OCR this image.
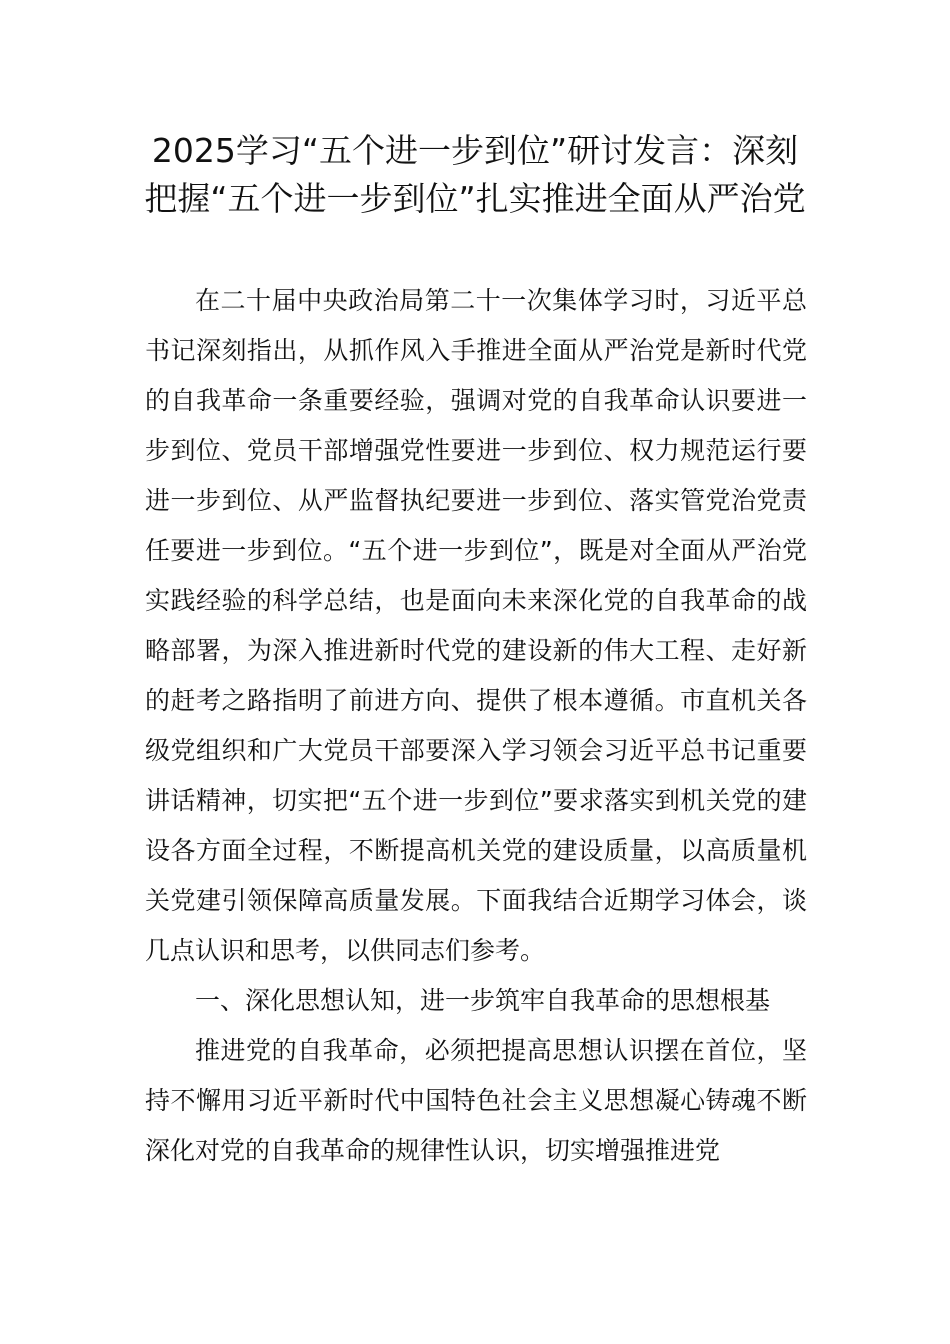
2025学习“五个进一步到位”研讨发言：深刻把握“五个进一步到位”扎实推进全面从严治党

在二十届中央政治局第二十一次集体学习时，习近平总书记深刻指出，从抓作风入手推进全面从严治党是新时代党的自我革命一条重要经验，强调对党的自我革命认识要进一步到位、党员干部增强党性要进一步到位、权力规范运行要进一步到位、从严监督执纪要进一步到位、落实管党治党责任要进一步到位。“五个进一步到位”，既是对全面从严治党实践经验的科学总结，也是面向未来深化党的自我革命的战略部署，为深入推进新时代党的建设新的伟大工程、走好新的赶考之路指明了前进方向、提供了根本遵循。市直机关各级党组织和广大党员干部要深入学习领会习近平总书记重要讲话精神，切实把“五个进一步到位”要求落实到机关党的建设各方面全过程，不断提高机关党的建设质量，以高质量机关党建引领保障高质量发展。下面我结合近期学习体会，谈几点认识和思考，以供同志们参考。

一、深化思想认知，进一步筑牢自我革命的思想根基

推进党的自我革命，必须把提高思想认识摆在首位，坚持不懈用习近平新时代中国特色社会主义思想凝心铸魂不断深化对党的自我革命的规律性认识，切实增强推进党
